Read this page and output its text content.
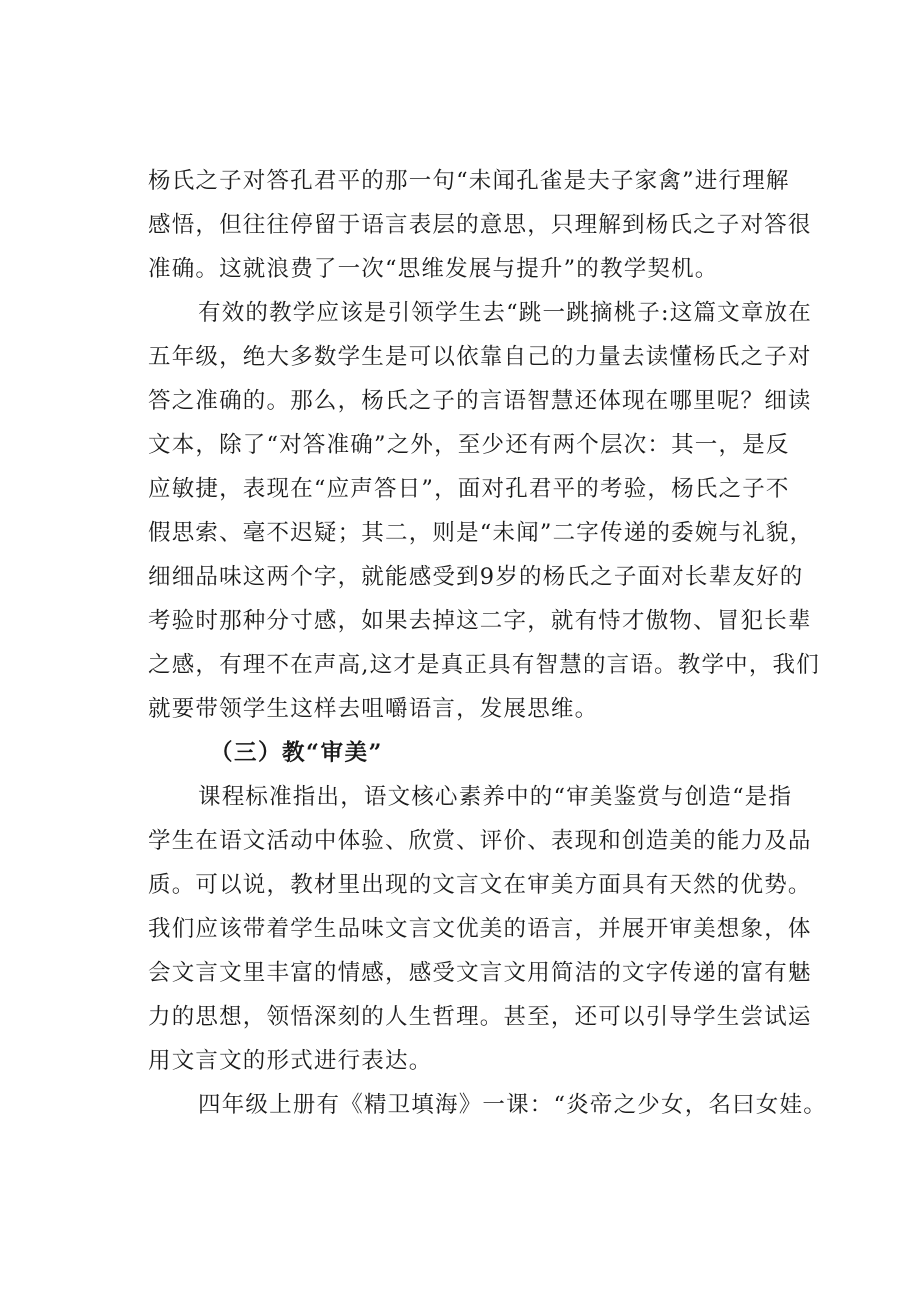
杨氏之子对答孔君平的那一句“未闻孔雀是夫子家禽”进行理解
感悟，但往往停留于语言表层的意思，只理解到杨氏之子对答很
准确。这就浪费了一次“思维发展与提升”的教学契机。
有效的教学应该是引领学生去“跳一跳摘桃子:这篇文章放在
五年级，绝大多数学生是可以依靠自己的力量去读懂杨氏之子对
答之准确的。那么，杨氏之子的言语智慧还体现在哪里呢？细读
文本，除了“对答准确”之外，至少还有两个层次：其一，是反
应敏捷，表现在“应声答日”，面对孔君平的考验，杨氏之子不
假思索、毫不迟疑；其二，则是“未闻”二字传递的委婉与礼貌，
细细品味这两个字，就能感受到9岁的杨氏之子面对长辈友好的
考验时那种分寸感，如果去掉这二字，就有恃才傲物、冒犯长辈
之感，有理不在声高,这才是真正具有智慧的言语。教学中，我们
就要带领学生这样去咀嚼语言，发展思维。
（三）教“审美”
课程标准指出，语文核心素养中的“审美鉴赏与创造“是指
学生在语文活动中体验、欣赏、评价、表现和创造美的能力及品
质。可以说，教材里出现的文言文在审美方面具有天然的优势。
我们应该带着学生品味文言文优美的语言，并展开审美想象，体
会文言文里丰富的情感，感受文言文用简洁的文字传递的富有魅
力的思想，领悟深刻的人生哲理。甚至，还可以引导学生尝试运
用文言文的形式进行表达。
四年级上册有《精卫填海》一课：“炎帝之少女，名曰女娃。
